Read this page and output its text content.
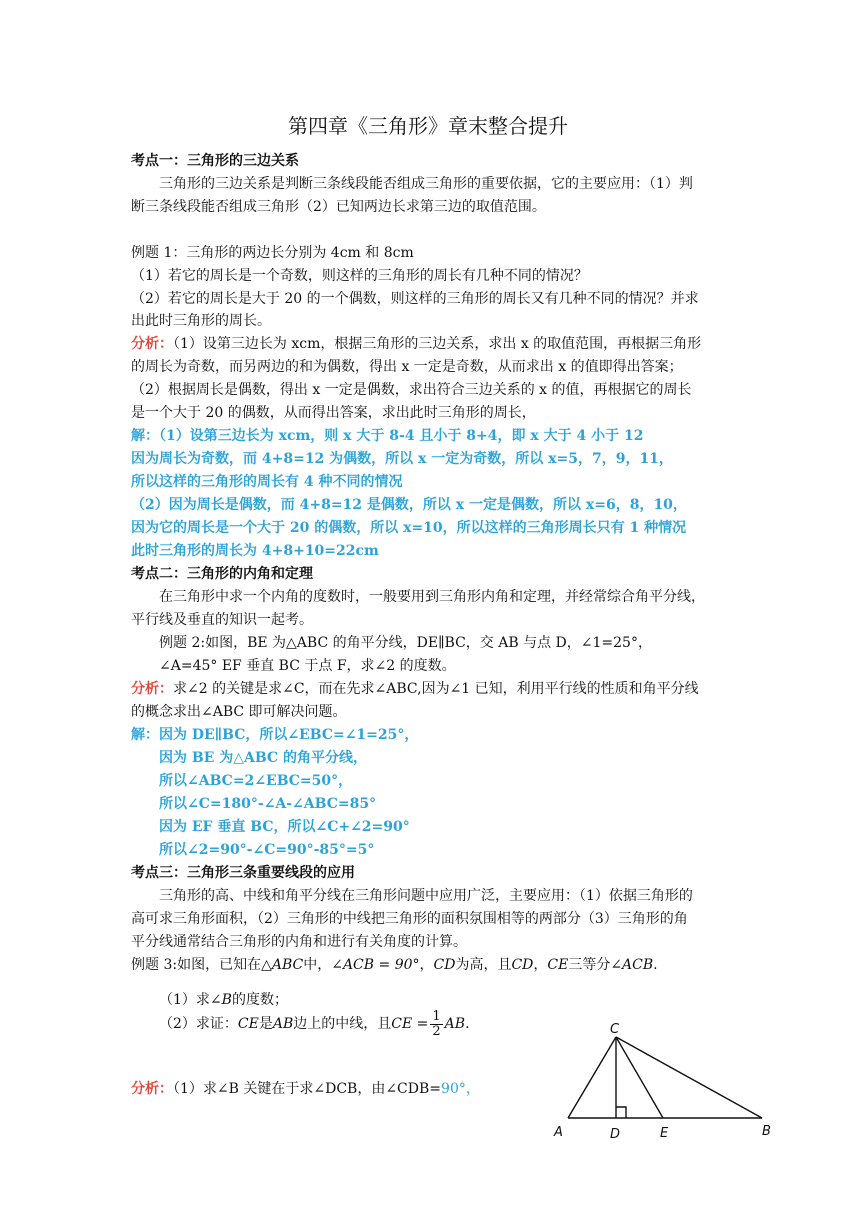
第四章《三角形》章末整合提升
考点一：三角形的三边关系
三角形的三边关系是判断三条线段能否组成三角形的重要依据，它的主要应用：（1）判
断三条线段能否组成三角形（2）已知两边长求第三边的取值范围。
例题 1：三角形的两边长分别为 4cm 和 8cm
（1）若它的周长是一个奇数，则这样的三角形的周长有几种不同的情况？
（2）若它的周长是大于 20 的一个偶数，则这样的三角形的周长又有几种不同的情况？并求
出此时三角形的周长。
分析：（1）设第三边长为 xcm，根据三角形的三边关系，求出 x 的取值范围，再根据三角形
的周长为奇数，而另两边的和为偶数，得出 x 一定是奇数，从而求出 x 的值即得出答案；
（2）根据周长是偶数，得出 x 一定是偶数，求出符合三边关系的 x 的值，再根据它的周长
是一个大于 20 的偶数，从而得出答案，求出此时三角形的周长，
解：（1）设第三边长为 xcm，则 x 大于 8-4 且小于 8+4，即 x 大于 4 小于 12
因为周长为奇数，而 4+8=12 为偶数，所以 x 一定为奇数，所以 x=5，7，9，11，
所以这样的三角形的周长有 4 种不同的情况
（2）因为周长是偶数，而 4+8=12 是偶数，所以 x 一定是偶数，所以 x=6，8，10，
因为它的周长是一个大于 20 的偶数，所以 x=10，所以这样的三角形周长只有 1 种情况
此时三角形的周长为 4+8+10=22cm
考点二：三角形的内角和定理
在三角形中求一个内角的度数时，一般要用到三角形内角和定理，并经常综合角平分线，
平行线及垂直的知识一起考。
例题 2:如图，BE 为△ABC 的角平分线，DE∥BC，交 AB 与点 D，∠1=25°，
∠A=45° EF 垂直 BC 于点 F，求∠2 的度数。
分析：求∠2 的关键是求∠C，而在先求∠ABC,因为∠1 已知，利用平行线的性质和角平分线
的概念求出∠ABC 即可解决问题。
解：因为 DE∥BC，所以∠EBC=∠1=25°，
因为 BE 为△ABC 的角平分线，
所以∠ABC=2∠EBC=50°，
所以∠C=180°-∠A-∠ABC=85°
因为 EF 垂直 BC，所以∠C+∠2=90°
所以∠2=90°-∠C=90°-85°=5°
考点三：三角形三条重要线段的应用
三角形的高、中线和角平分线在三角形问题中应用广泛，主要应用：（1）依据三角形的
高可求三角形面积，（2）三角形的中线把三角形的面积氛围相等的两部分（3）三角形的角
平分线通常结合三角形的内角和进行有关角度的计算。
例题 3:如图，已知在△ABC中，∠ACB = 90°，CD为高，且CD，CE三等分∠ACB.
（1）求∠B的度数；
（2）求证：CE是AB边上的中线，且CE = $\frac{1}{2}$ AB.
分析：（1）求∠B 关键在于求∠DCB，由∠CDB=90°，
C
A	D	E	B
